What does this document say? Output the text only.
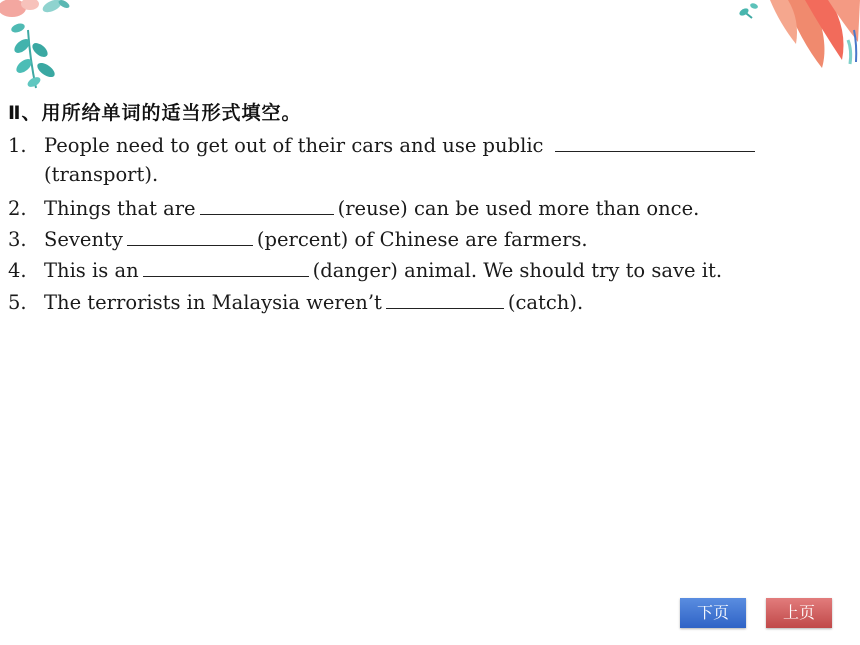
Ⅱ、用所给单词的适当形式填空。
1. People need to get out of their cars and use public
(transport).
2. Things that are	(reuse) can be used more than once.
3. Seventy	(percent) of Chinese are farmers.
4. This is an	(danger) animal. We should try to save it.
5. The terrorists in Malaysia weren’t	(catch).
下页	上页
